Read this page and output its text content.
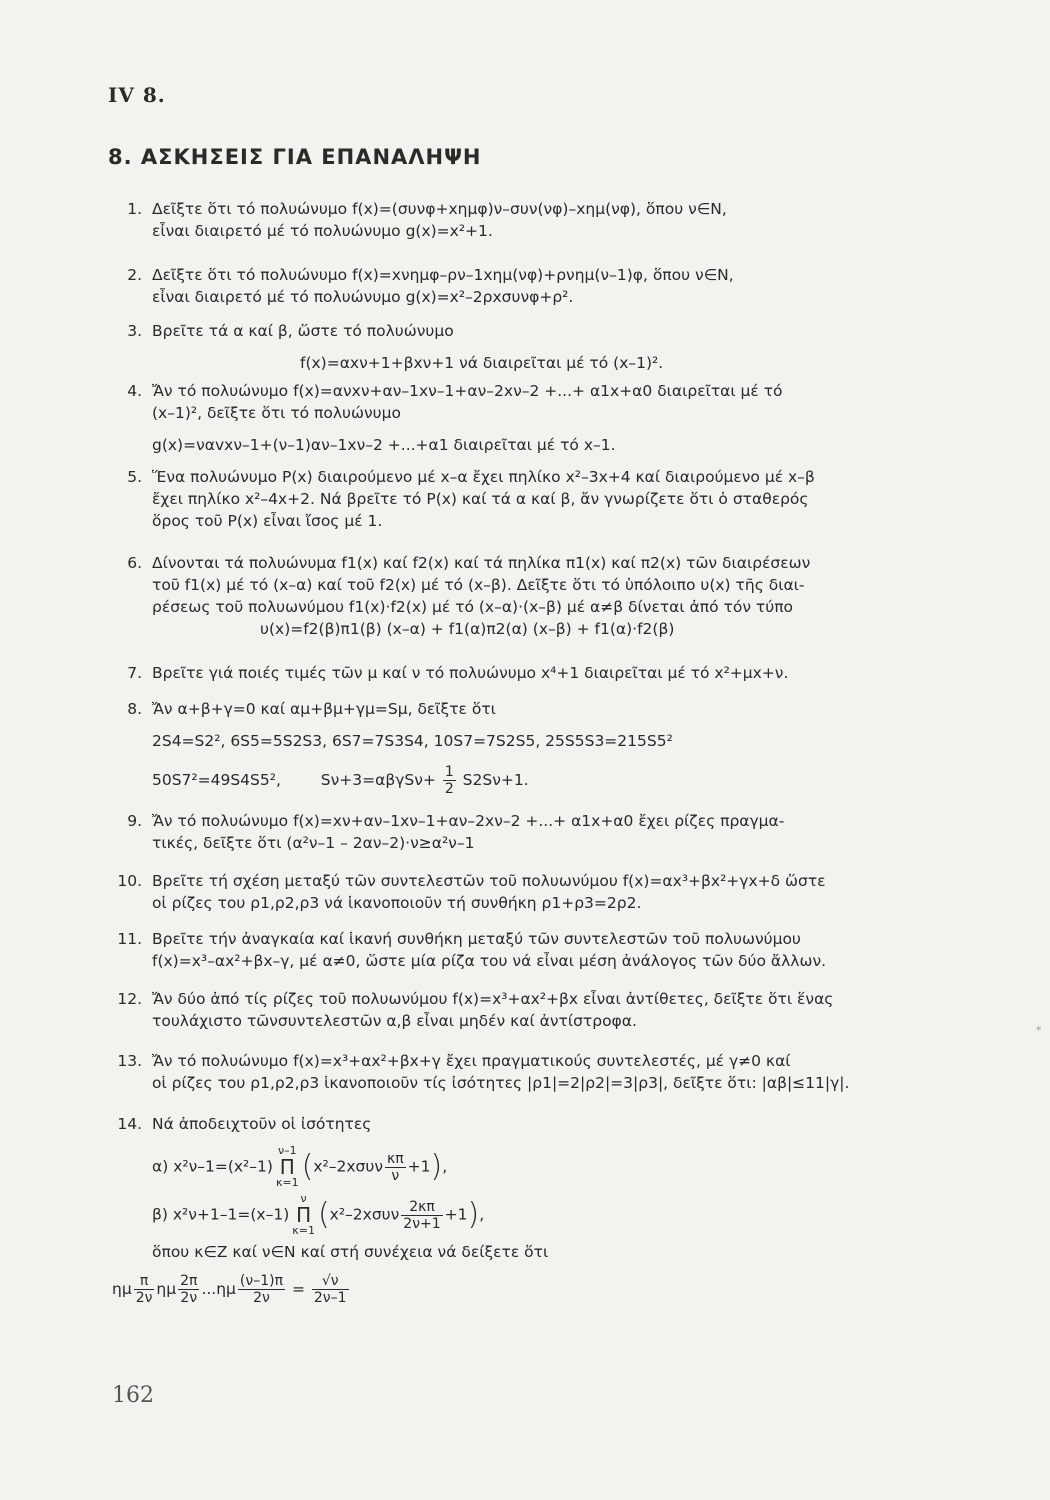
IV 8.
8. ΑΣΚΗΣΕΙΣ ΓΙΑ ΕΠΑΝΑΛΗΨΗ
1. Δεῖξτε ὅτι τό πολυώνυμο f(x)=(συνφ+xημφ)ν–συν(νφ)–xημ(νφ), ὅπου ν∈N,
εἶναι διαιρετό μέ τό πολυώνυμο g(x)=x²+1.
2. Δεῖξτε ὅτι τό πολυώνυμο f(x)=xνημφ–ρν–1xημ(νφ)+ρνημ(ν–1)φ, ὅπου ν∈N,
εἶναι διαιρετό μέ τό πολυώνυμο g(x)=x²–2ρxσυνφ+ρ².
3. Βρεῖτε τά α καί β, ὥστε τό πολυώνυμο
f(x)=αxν+1+βxν+1 νά διαιρεῖται μέ τό (x–1)².
4. Ἄν τό πολυώνυμο f(x)=ανxν+αν–1xν–1+αν–2xν–2 +...+ α1x+α0 διαιρεῖται μέ τό
(x–1)², δεῖξτε ὅτι τό πολυώνυμο
g(x)=ναvxν–1+(ν–1)αν–1xν–2 +...+α1 διαιρεῖται μέ τό x–1.
5. Ἕνα πολυώνυμο P(x) διαιρούμενο μέ x–α ἔχει πηλίκο x²–3x+4 καί διαιρούμενο μέ x–β
ἔχει πηλίκο x²–4x+2. Νά βρεῖτε τό P(x) καί τά α καί β, ἄν γνωρίζετε ὅτι ὁ σταθερός
ὅρος τοῦ P(x) εἶναι ἴσος μέ 1.
6. Δίνονται τά πολυώνυμα f1(x) καί f2(x) καί τά πηλίκα π1(x) καί π2(x) τῶν διαιρέσεων
τοῦ f1(x) μέ τό (x–α) καί τοῦ f2(x) μέ τό (x–β). Δεῖξτε ὅτι τό ὑπόλοιπο υ(x) τῆς διαι-
ρέσεως τοῦ πολυωνύμου f1(x)·f2(x) μέ τό (x–α)·(x–β) μέ α≠β δίνεται ἀπό τόν τύπο
υ(x)=f2(β)π1(β) (x–α) + f1(α)π2(α) (x–β) + f1(α)·f2(β)
7. Βρεῖτε γιά ποιές τιμές τῶν μ καί ν τό πολυώνυμο x⁴+1 διαιρεῖται μέ τό x²+μx+ν.
8. Ἄν α+β+γ=0 καί αμ+βμ+γμ=Sμ, δεῖξτε ὅτι
2S4=S2², 6S5=5S2S3, 6S7=7S3S4, 10S7=7S2S5, 25S5S3=215S5²
50S7²=49S4S5²,	$S\nu+3=\alpha\beta\gamma S\nu+ \frac{1}{2} S2S\nu+1$.
9. Ἄν τό πολυώνυμο f(x)=xν+αν–1xν–1+αν–2xν–2 +...+ α1x+α0 ἔχει ρίζες πραγμα-
τικές, δεῖξτε ὅτι (α²ν–1 – 2αν–2)·ν≥α²ν–1
10. Βρεῖτε τή σχέση μεταξύ τῶν συντελεστῶν τοῦ πολυωνύμου f(x)=αx³+βx²+γx+δ ὥστε
οἱ ρίζες του ρ1,ρ2,ρ3 νά ἱκανοποιοῦν τή συνθήκη ρ1+ρ3=2ρ2.
11. Βρεῖτε τήν ἀναγκαία καί ἱκανή συνθήκη μεταξύ τῶν συντελεστῶν τοῦ πολυωνύμου
f(x)=x³–αx²+βx–γ, μέ α≠0, ὥστε μία ρίζα του νά εἶναι μέση ἀνάλογος τῶν δύο ἄλλων.
12. Ἄν δύο ἀπό τίς ρίζες τοῦ πολυωνύμου f(x)=x³+αx²+βx εἶναι ἀντίθετες, δεῖξτε ὅτι ἕνας
τουλάχιστο τῶνσυντελεστῶν α,β εἶναι μηδέν καί ἀντίστροφα.
13. Ἄν τό πολυώνυμο f(x)=x³+αx²+βx+γ ἔχει πραγματικούς συντελεστές, μέ γ≠0 καί
οἱ ρίζες του ρ1,ρ2,ρ3 ἱκανοποιοῦν τίς ἰσότητες |ρ1|=2|ρ2|=3|ρ3|, δεῖξτε ὅτι: |αβ|≤11|γ|.
14. Νά ἀποδειχτοῦν οἱ ἰσότητες
α) x²ν–1=(x²–1)ν–1
Π
κ=1 $(x^2-2x\sigma\upsilon\nu \frac{\kappa\pi}{\nu} +1)$,
β) x²ν+1–1=(x–1)ν
Π
κ=1 $(x^2-2x\sigma\upsilon\nu \frac{2\kappa\pi}{2\nu+1} +1)$,
ὅπου κ∈Z καί ν∈N καί στή συνέχεια νά δείξετε ὅτι
ημ $\frac{\pi}{2\nu}$ ημ $\frac{2\pi}{2\nu} ...\eta\mu \frac{(\nu-1)\pi}{2\nu} = \frac{√\nu}{2\nu-1}$
*
162
